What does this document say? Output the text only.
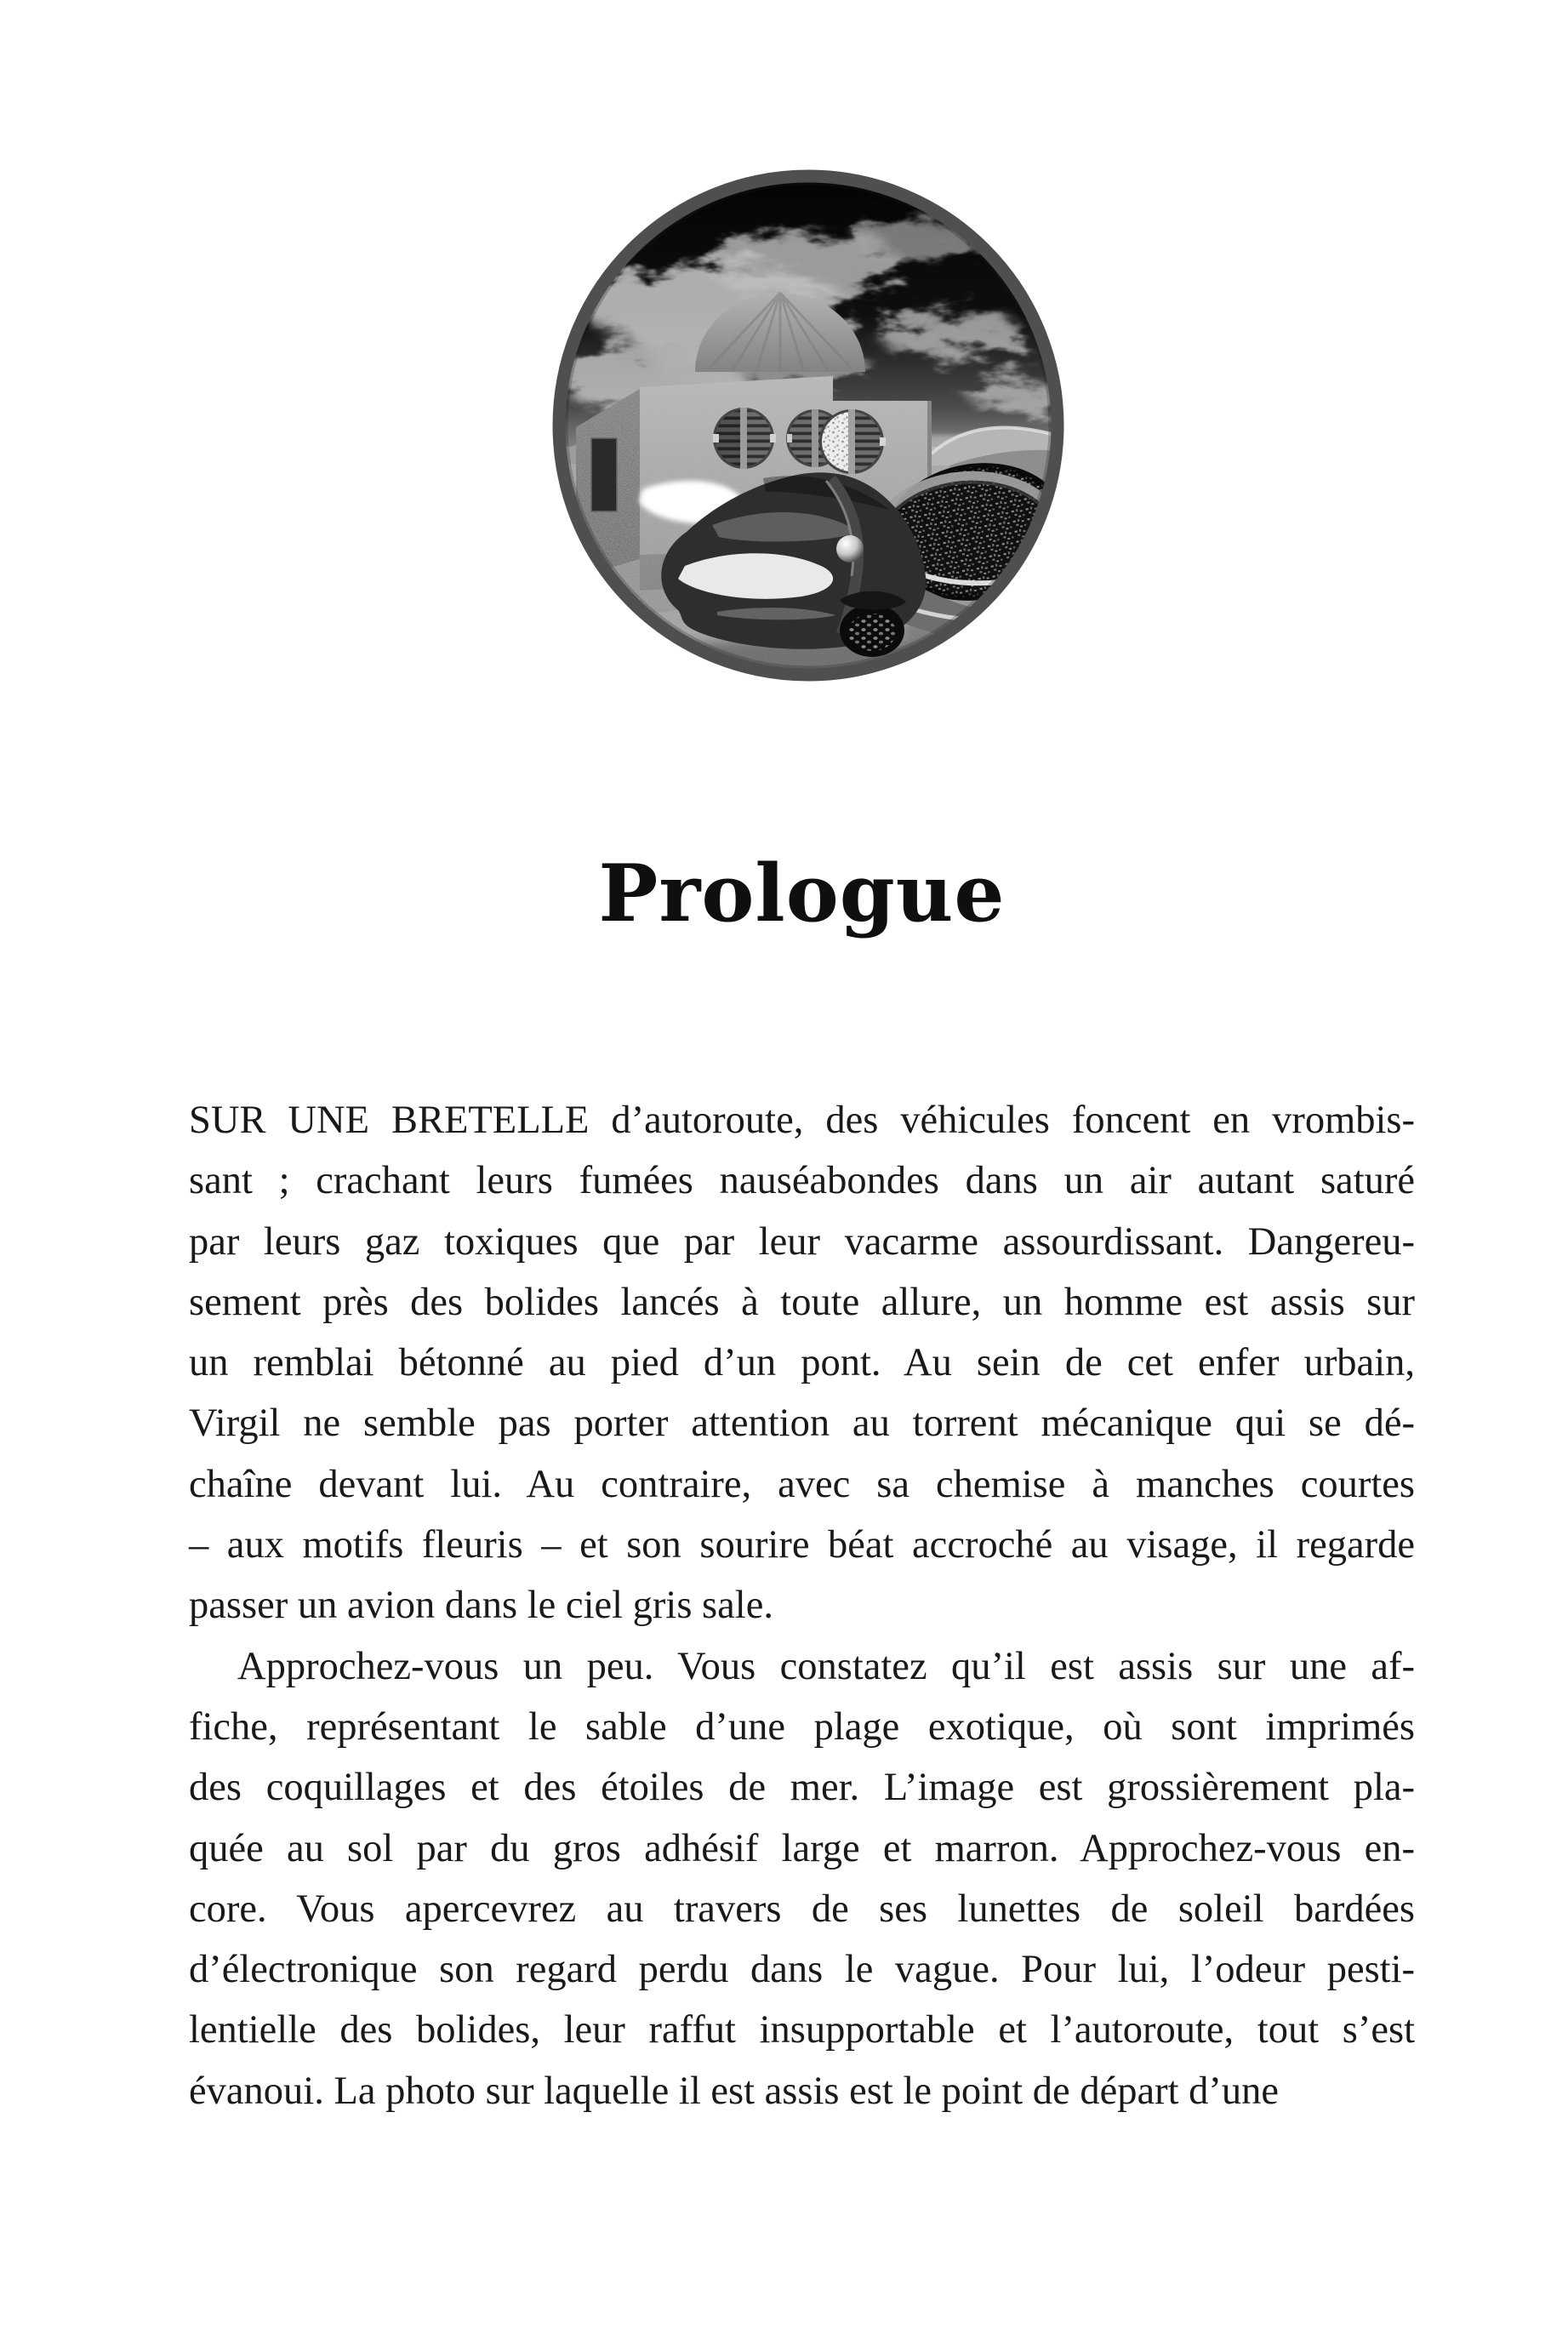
Prologue

SUR UNE BRETELLE d’autoroute, des véhicules foncent en vrombis-

sant ; crachant leurs fumées nauséabondes dans un air autant saturé

par leurs gaz toxiques que par leur vacarme assourdissant. Dangereu-

sement près des bolides lancés à toute allure, un homme est assis sur

un remblai bétonné au pied d’un pont. Au sein de cet enfer urbain,

Virgil ne semble pas porter attention au torrent mécanique qui se dé-

chaîne devant lui. Au contraire, avec sa chemise à manches courtes

– aux motifs fleuris – et son sourire béat accroché au visage, il regarde

passer un avion dans le ciel gris sale.

Approchez-vous un peu. Vous constatez qu’il est assis sur une af-

fiche, représentant le sable d’une plage exotique, où sont imprimés

des coquillages et des étoiles de mer. L’image est grossièrement pla-

quée au sol par du gros adhésif large et marron. Approchez-vous en-

core. Vous apercevrez au travers de ses lunettes de soleil bardées

d’électronique son regard perdu dans le vague. Pour lui, l’odeur pesti-

lentielle des bolides, leur raffut insupportable et l’autoroute, tout s’est

évanoui. La photo sur laquelle il est assis est le point de départ d’une
